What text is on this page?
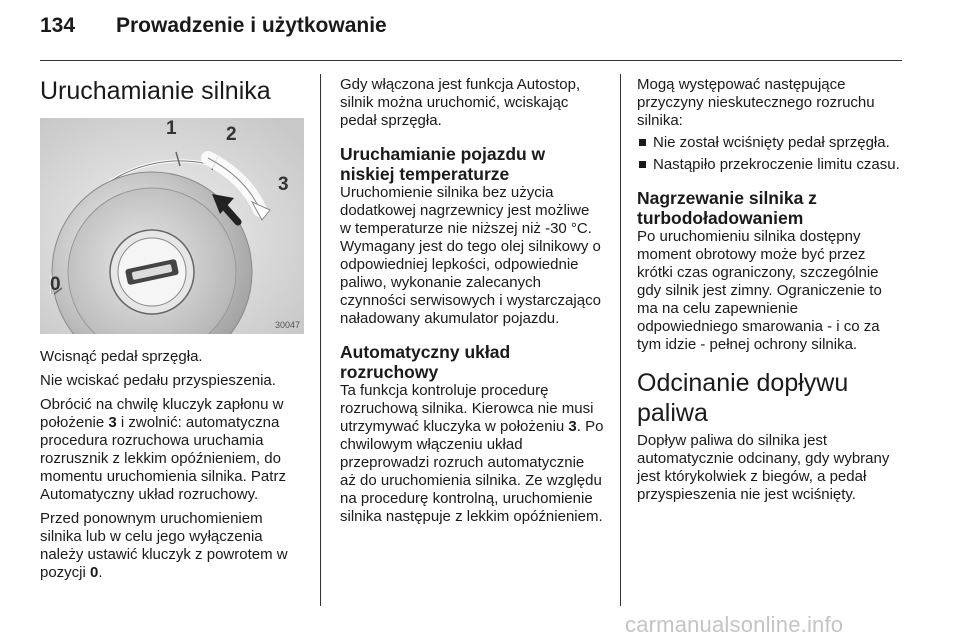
134 Prowadzenie i użytkowanie
Uruchamianie silnika
0
1	2
3
30047

Wcisnąć pedał sprzęgła.

Nie wciskać pedału przyspieszenia.

Obrócić na chwilę kluczyk zapłonu w położenie 3 i zwolnić: automatyczna procedura rozruchowa uruchamia rozrusznik z lekkim opóźnieniem, do momentu uruchomienia silnika. Patrz Automatyczny układ rozruchowy.

Przed ponownym uruchomieniem silnika lub w celu jego wyłączenia należy ustawić kluczyk z powrotem w pozycji 0.

Gdy włączona jest funkcja Autostop, silnik można uruchomić, wciskając pedał sprzęgła.

Uruchamianie pojazdu w niskiej temperaturze

Uruchomienie silnika bez użycia dodatkowej nagrzewnicy jest możliwe w temperaturze nie niższej niż -30 °C. Wymagany jest do tego olej silnikowy o odpowiedniej lepkości, odpowiednie paliwo, wykonanie zalecanych czynności serwisowych i wystarczająco naładowany akumulator pojazdu.

Automatyczny układ rozruchowy

Ta funkcja kontroluje procedurę rozruchową silnika. Kierowca nie musi utrzymywać kluczyka w położeniu 3. Po chwilowym włączeniu układ przeprowadzi rozruch automatycznie aż do uruchomienia silnika. Ze względu na procedurę kontrolną, uruchomienie silnika następuje z lekkim opóźnieniem.

Mogą występować następujące przyczyny nieskutecznego rozruchu silnika:

Nie został wciśnięty pedał sprzęgła.
Nastąpiło przekroczenie limitu czasu.
Nagrzewanie silnika z turbodoładowaniem

Po uruchomieniu silnika dostępny moment obrotowy może być przez krótki czas ograniczony, szczególnie gdy silnik jest zimny. Ograniczenie to ma na celu zapewnienie odpowiedniego smarowania - i co za tym idzie - pełnej ochrony silnika.

Odcinanie dopływu paliwa

Dopływ paliwa do silnika jest automatycznie odcinany, gdy wybrany jest którykolwiek z biegów, a pedał przyspieszenia nie jest wciśnięty.

carmanualsonline.info
